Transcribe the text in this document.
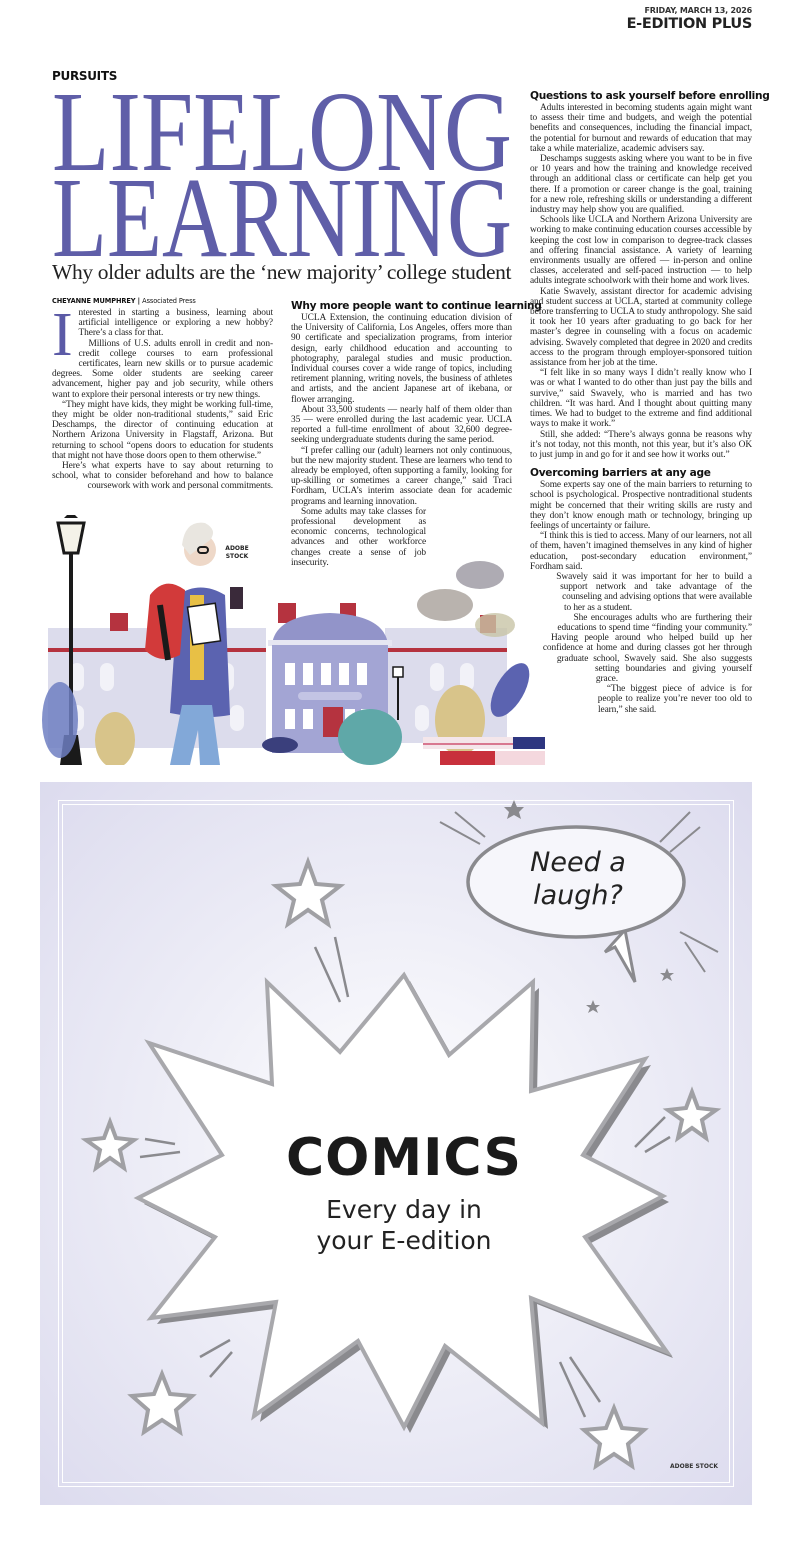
FRIDAY, MARCH 13, 2026
E-EDITION PLUS
PURSUITS
LIFELONG
LEARNING
Why older adults are the ‘new majority’ college student
CHEYANNE MUMPHREY | Associated Press

Interested in starting a business, learning about artificial intelligence or exploring a new hobby? There’s a class for that.

Millions of U.S. adults enroll in credit and non-credit college courses to earn professional certificates, learn new skills or to pursue academic degrees. Some older students are seeking career advancement, higher pay and job security, while others want to explore their personal interests or try new things.

“They might have kids, they might be working full-time, they might be older non-traditional students,” said Eric Deschamps, the director of continuing education at Northern Arizona University in Flagstaff, Arizona. But returning to school “opens doors to education for students that might not have those doors open to them otherwise.”

Here’s what experts have to say about returning to school, what to consider beforehand and how to balance coursework with work and personal commitments.

Why more people want to continue learning

UCLA Extension, the continuing education division of the University of California, Los Angeles, offers more than 90 certificate and specialization programs, from interior design, early childhood education and accounting to photography, paralegal studies and music production. Individual courses cover a wide range of topics, including retirement planning, writing novels, the business of athletes and artists, and the ancient Japanese art of ikebana, or flower arranging.

About 33,500 students — nearly half of them older than 35 — were enrolled during the last academic year. UCLA reported a full-time enrollment of about 32,600 degree-seeking undergraduate students during the same period.

“I prefer calling our (adult) learners not only continuous, but the new majority student. These are learners who tend to already be employed, often supporting a family, looking for up-skilling or sometimes a career change,” said Traci Fordham, UCLA’s interim associate dean for academic programs and learning innovation.

Some adults may take classes for professional development as economic concerns, technological advances and other workforce changes create a sense of job insecurity.

Questions to ask yourself before enrolling

Adults interested in becoming students again might want to assess their time and budgets, and weigh the potential benefits and consequences, including the financial impact, the potential for burnout and rewards of education that may take a while materialize, academic advisers say.

Deschamps suggests asking where you want to be in five or 10 years and how the training and knowledge received through an additional class or certificate can help get you there. If a promotion or career change is the goal, training for a new role, refreshing skills or understanding a different industry may help show you are qualified.

Schools like UCLA and Northern Arizona University are working to make continuing education courses accessible by keeping the cost low in comparison to degree-track classes and offering financial assistance. A variety of learning environments usually are offered — in-person and online classes, accelerated and self-paced instruction — to help adults integrate schoolwork with their home and work lives.

Katie Swavely, assistant director for academic advising and student success at UCLA, started at community college before transferring to UCLA to study anthropology. She said it took her 10 years after graduating to go back for her master’s degree in counseling with a focus on academic advising. Swavely completed that degree in 2020 and credits access to the program through employer-sponsored tuition assistance from her job at the time.

“I felt like in so many ways I didn’t really know who I was or what I wanted to do other than just pay the bills and survive,” said Swavely, who is married and has two children. “It was hard. And I thought about quitting many times. We had to budget to the extreme and find additional ways to make it work.”

Still, she added: “There’s always gonna be reasons why it’s not today, not this month, not this year, but it’s also OK to just jump in and go for it and see how it works out.”

Overcoming barriers at any age

Some experts say one of the main barriers to returning to school is psychological. Prospective nontraditional students might be concerned that their writing skills are rusty and they don’t know enough math or technology, bringing up feelings of uncertainty or failure.

“I think this is tied to access. Many of our learners, not all of them, haven’t imagined themselves in any kind of higher education, post-secondary education environment,” Fordham said.

Swavely said it was important for her to build a support network and take advantage of the counseling and advising options that were available to her as a student.

She encourages adults who are furthering their educations to spend time “finding your community.” Having people around who helped build up her confidence at home and during classes got her through graduate school, Swavely said. She also suggests setting boundaries and giving yourself grace.

“The biggest piece of advice is for people to realize you’re never too old to learn,” she said.

ADOBE STOCK
Need a
laugh?
COMICS
Every day in
your E-edition
ADOBE STOCK
